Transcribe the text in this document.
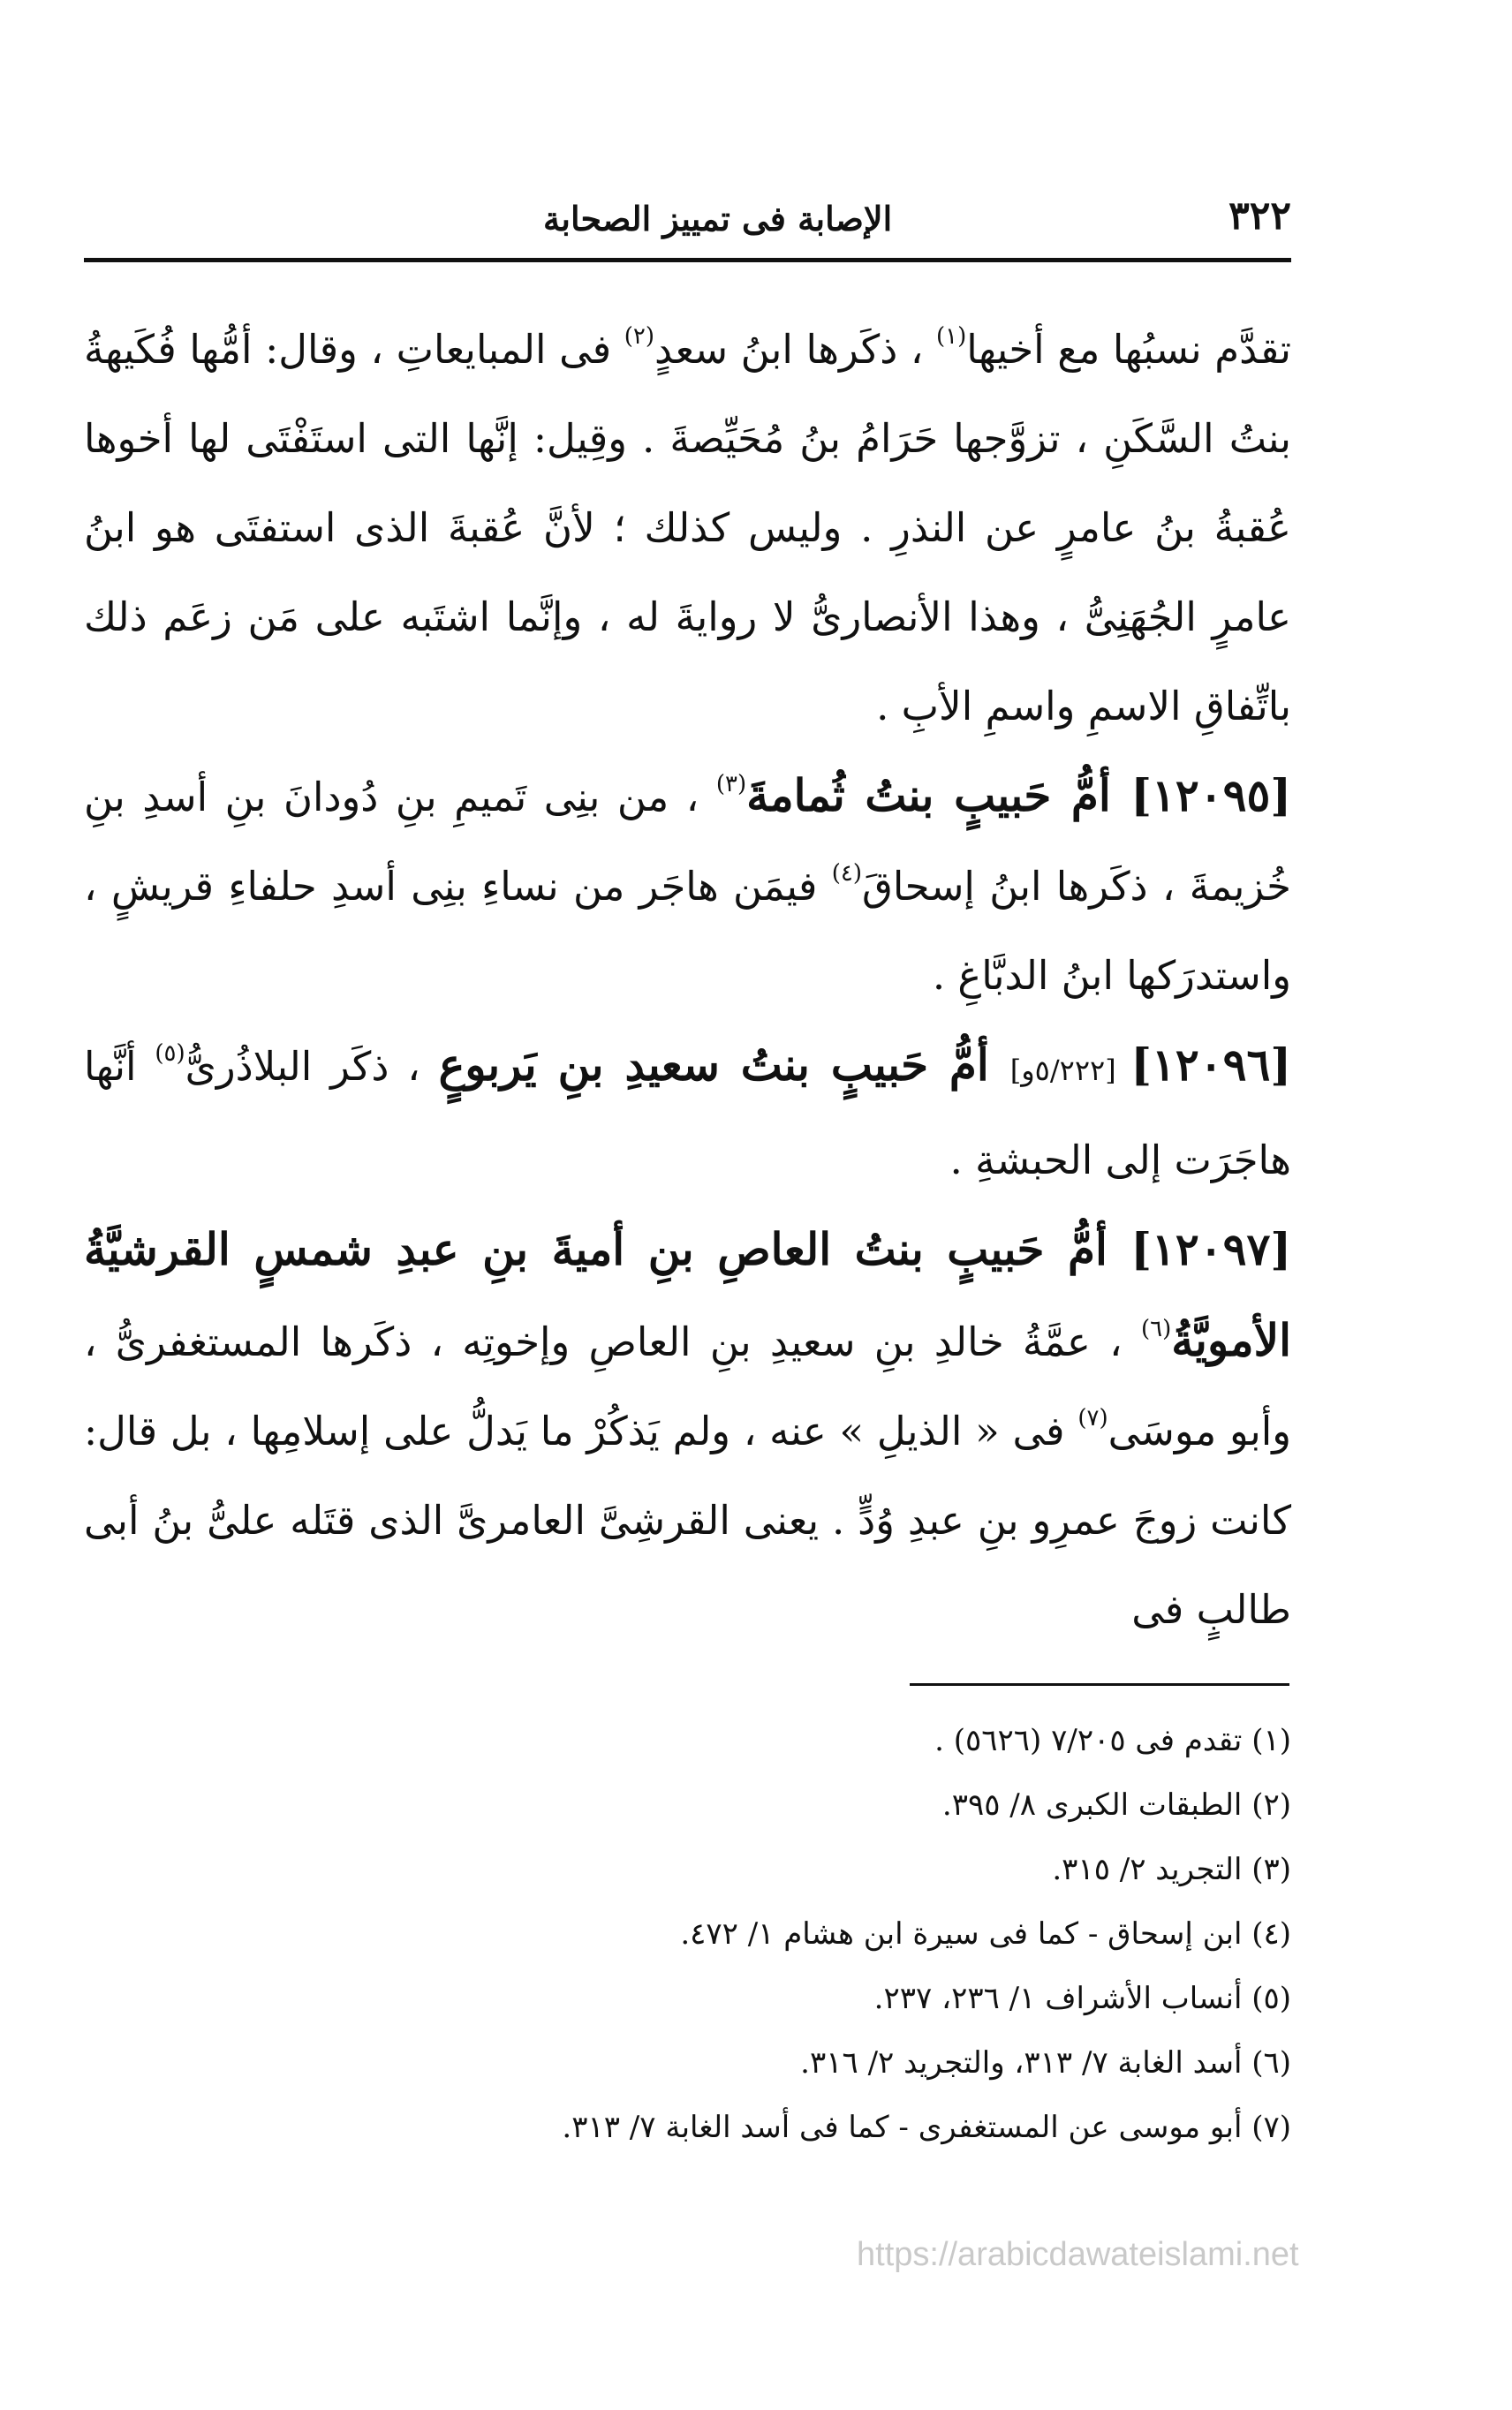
٣٢٢
الإصابة فى تمييز الصحابة

تقدَّم نسبُها مع أخيها$^{(١)}$ ، ذكَرها ابنُ سعدٍ$^{(٢)}$ فى المبايعاتِ ، وقال: أمُّها فُكَيهةُ بنتُ السَّكَنِ ، تزوَّجها حَرَامُ بنُ مُحَيِّصةَ . وقِيل: إنَّها التى استَفْتَى لها أخوها عُقبةُ بنُ عامرٍ عن النذرِ . وليس كذلك ؛ لأنَّ عُقبةَ الذى استفتَى هو ابنُ عامرٍ الجُهَنِىُّ ، وهذا الأنصارىُّ لا روايةَ له ، وإنَّما اشتَبه على مَن زعَم ذلك باتِّفاقِ الاسمِ واسمِ الأبِ .

[١٢٠٩٥] أمُّ حَبيبٍ بنتُ ثُمامةَ$^{(٣)}$ ، من بنِى تَميمِ بنِ دُودانَ بنِ أسدِ بنِ خُزيمةَ ، ذكَرها ابنُ إسحاقَ$^{(٤)}$ فيمَن هاجَر من نساءِ بنِى أسدِ حلفاءِ قريشٍ ، واستدرَكها ابنُ الدبَّاغِ .

[١٢٠٩٦] [٥/٢٢٢و] أمُّ حَبيبٍ بنتُ سعيدِ بنِ يَربوعٍ ، ذكَر البلاذُرىُّ$^{(٥)}$ أنَّها هاجَرَت إلى الحبشةِ .

[١٢٠٩٧] أمُّ حَبيبٍ بنتُ العاصِ بنِ أميةَ بنِ عبدِ شمسٍ القرشيَّةُ الأمويَّةُ$^{(٦)}$ ، عمَّةُ خالدِ بنِ سعيدِ بنِ العاصِ وإخوتِه ، ذكَرها المستغفرىُّ ، وأبو موسَى$^{(٧)}$ فى « الذيلِ » عنه ، ولم يَذكُرْ ما يَدلُّ على إسلامِها ، بل قال: كانت زوجَ عمرِو بنِ عبدِ وُدٍّ . يعنى القرشِىَّ العامرىَّ الذى قتَله علىُّ بنُ أبى طالبٍ فى

(١) تقدم فى ٧/٢٠٥ (٥٦٢٦) .

(٢) الطبقات الكبرى ٨/ ٣٩٥.

(٣) التجريد ٢/ ٣١٥.

(٤) ابن إسحاق - كما فى سيرة ابن هشام ١/ ٤٧٢.

(٥) أنساب الأشراف ١/ ٢٣٦، ٢٣٧.

(٦) أسد الغابة ٧/ ٣١٣، والتجريد ٢/ ٣١٦.

(٧) أبو موسى عن المستغفرى - كما فى أسد الغابة ٧/ ٣١٣.

https://arabicdawateislami.net
